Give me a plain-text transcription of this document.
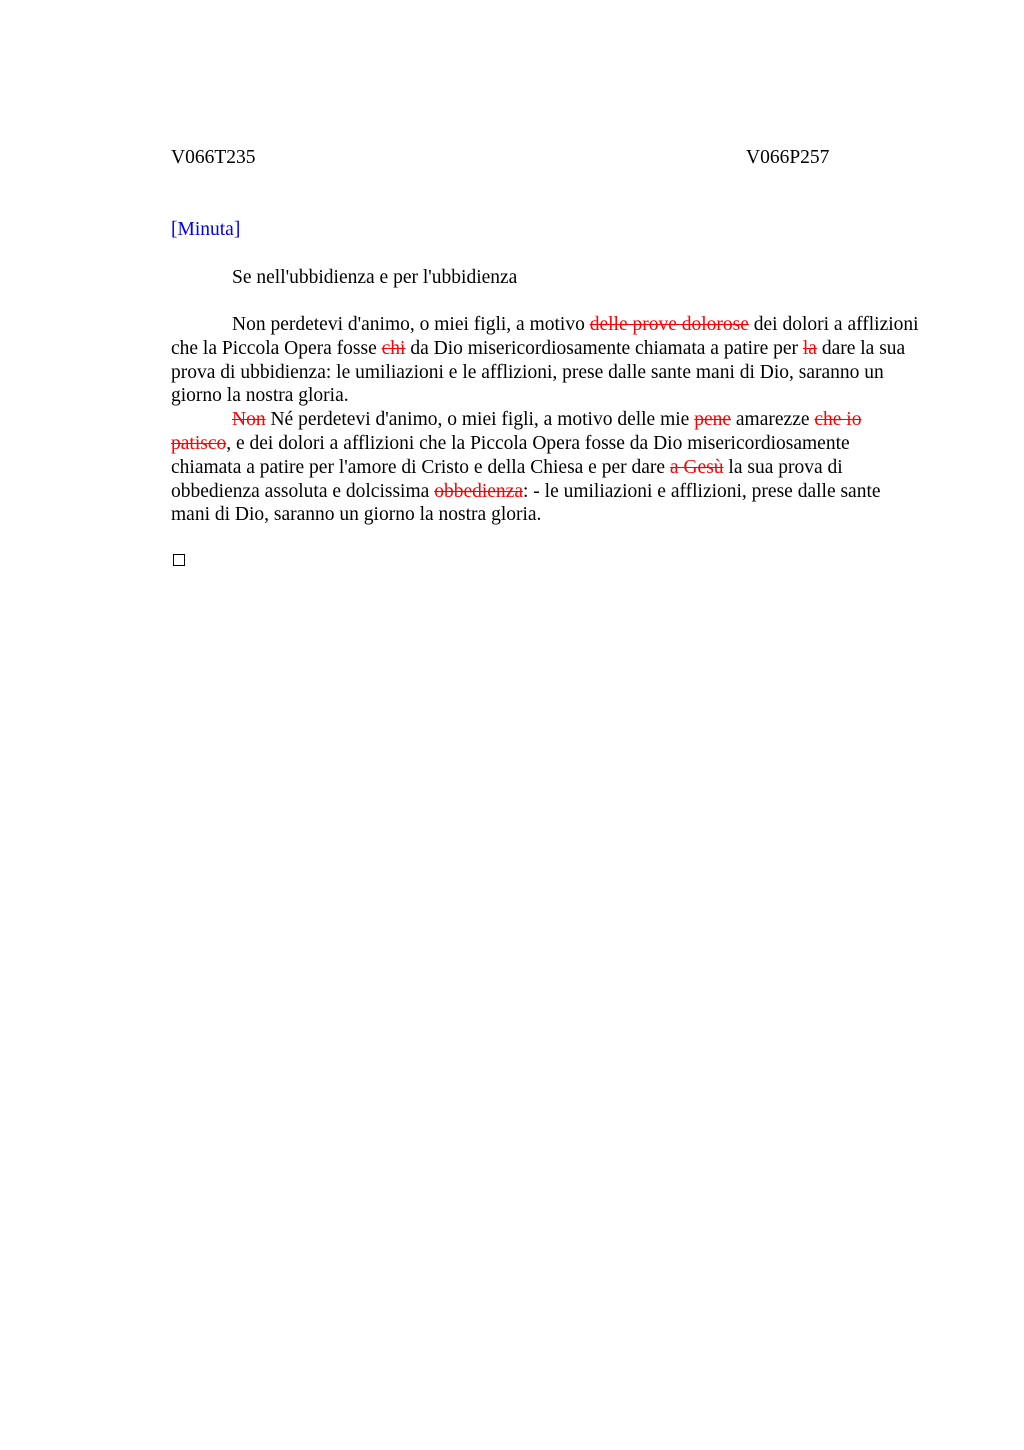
V066T235	V066P257
[Minuta]
Se nell'ubbidienza e per l'ubbidienza

Non perdetevi d'animo, o miei figli, a motivo delle prove dolorose dei dolori a afflizioni che la Piccola Opera fosse chi da Dio misericordiosamente chiamata a patire per la dare la sua prova di ubbidienza: le umiliazioni e le afflizioni, prese dalle sante mani di Dio, saranno un giorno la nostra gloria.

Non Né perdetevi d'animo, o miei figli, a motivo delle mie pene amarezze che io patisco, e dei dolori a afflizioni che la Piccola Opera fosse da Dio misericordiosamente chiamata a patire per l'amore di Cristo e della Chiesa e per dare a Gesù la sua prova di obbedienza assoluta e dolcissima obbedienza: - le umiliazioni e afflizioni, prese dalle sante mani di Dio, saranno un giorno la nostra gloria.
